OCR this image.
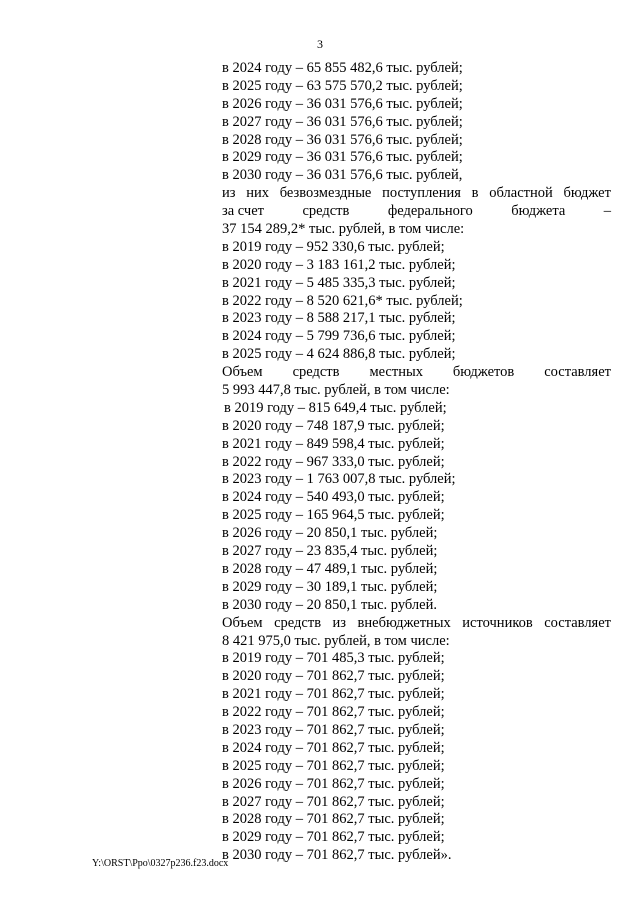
3
в 2024 году – 65 855 482,6 тыс. рублей;
в 2025 году – 63 575 570,2 тыс. рублей;
в 2026 году – 36 031 576,6 тыс. рублей;
в 2027 году – 36 031 576,6 тыс. рублей;
в 2028 году – 36 031 576,6 тыс. рублей;
в 2029 году – 36 031 576,6 тыс. рублей;
в 2030 году – 36 031 576,6 тыс. рублей,
из них безвозмездные поступления в областной бюджет
за счет	средств	федерального	бюджета	–
37 154 289,2* тыс. рублей, в том числе:
в 2019 году – 952 330,6 тыс. рублей;
в 2020 году – 3 183 161,2 тыс. рублей;
в 2021 году – 5 485 335,3 тыс. рублей;
в 2022 году – 8 520 621,6* тыс. рублей;
в 2023 году – 8 588 217,1 тыс. рублей;
в 2024 году – 5 799 736,6 тыс. рублей;
в 2025 году – 4 624 886,8 тыс. рублей;
Объем средств местных бюджетов составляет
5 993 447,8 тыс. рублей, в том числе:
в 2019 году – 815 649,4 тыс. рублей;
в 2020 году – 748 187,9 тыс. рублей;
в 2021 году – 849 598,4 тыс. рублей;
в 2022 году – 967 333,0 тыс. рублей;
в 2023 году – 1 763 007,8 тыс. рублей;
в 2024 году – 540 493,0 тыс. рублей;
в 2025 году – 165 964,5 тыс. рублей;
в 2026 году – 20 850,1 тыс. рублей;
в 2027 году – 23 835,4 тыс. рублей;
в 2028 году – 47 489,1 тыс. рублей;
в 2029 году – 30 189,1 тыс. рублей;
в 2030 году – 20 850,1 тыс. рублей.
Объем средств из внебюджетных источников составляет
8 421 975,0 тыс. рублей, в том числе:
в 2019 году – 701 485,3 тыс. рублей;
в 2020 году – 701 862,7 тыс. рублей;
в 2021 году – 701 862,7 тыс. рублей;
в 2022 году – 701 862,7 тыс. рублей;
в 2023 году – 701 862,7 тыс. рублей;
в 2024 году – 701 862,7 тыс. рублей;
в 2025 году – 701 862,7 тыс. рублей;
в 2026 году – 701 862,7 тыс. рублей;
в 2027 году – 701 862,7 тыс. рублей;
в 2028 году – 701 862,7 тыс. рублей;
в 2029 году – 701 862,7 тыс. рублей;
в 2030 году – 701 862,7 тыс. рублей».
Y:\ORST\Ppo\0327p236.f23.docx
